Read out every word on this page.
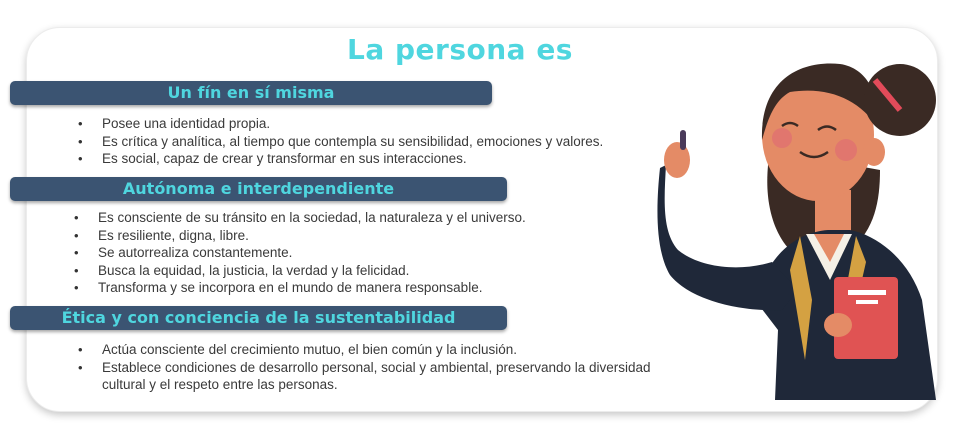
La persona es
Un fín en sí misma
• Posee una identidad propia.
• Es crítica y analítica, al tiempo que contempla su sensibilidad, emociones y valores.
• Es social, capaz de crear y transformar en sus interacciones.
Autónoma e interdependiente
• Es consciente de su tránsito en la sociedad, la naturaleza y el universo.
• Es resiliente, digna, libre.
• Se autorrealiza constantemente.
• Busca la equidad, la justicia, la verdad y la felicidad.
• Transforma y se incorpora en el mundo de manera responsable.
Ética y con conciencia de la sustentabilidad
• Actúa consciente del crecimiento mutuo, el bien común y la inclusión.
• Establece condiciones de desarrollo personal, social y ambiental, preservando la diversidad cultural y el respeto entre las personas.
